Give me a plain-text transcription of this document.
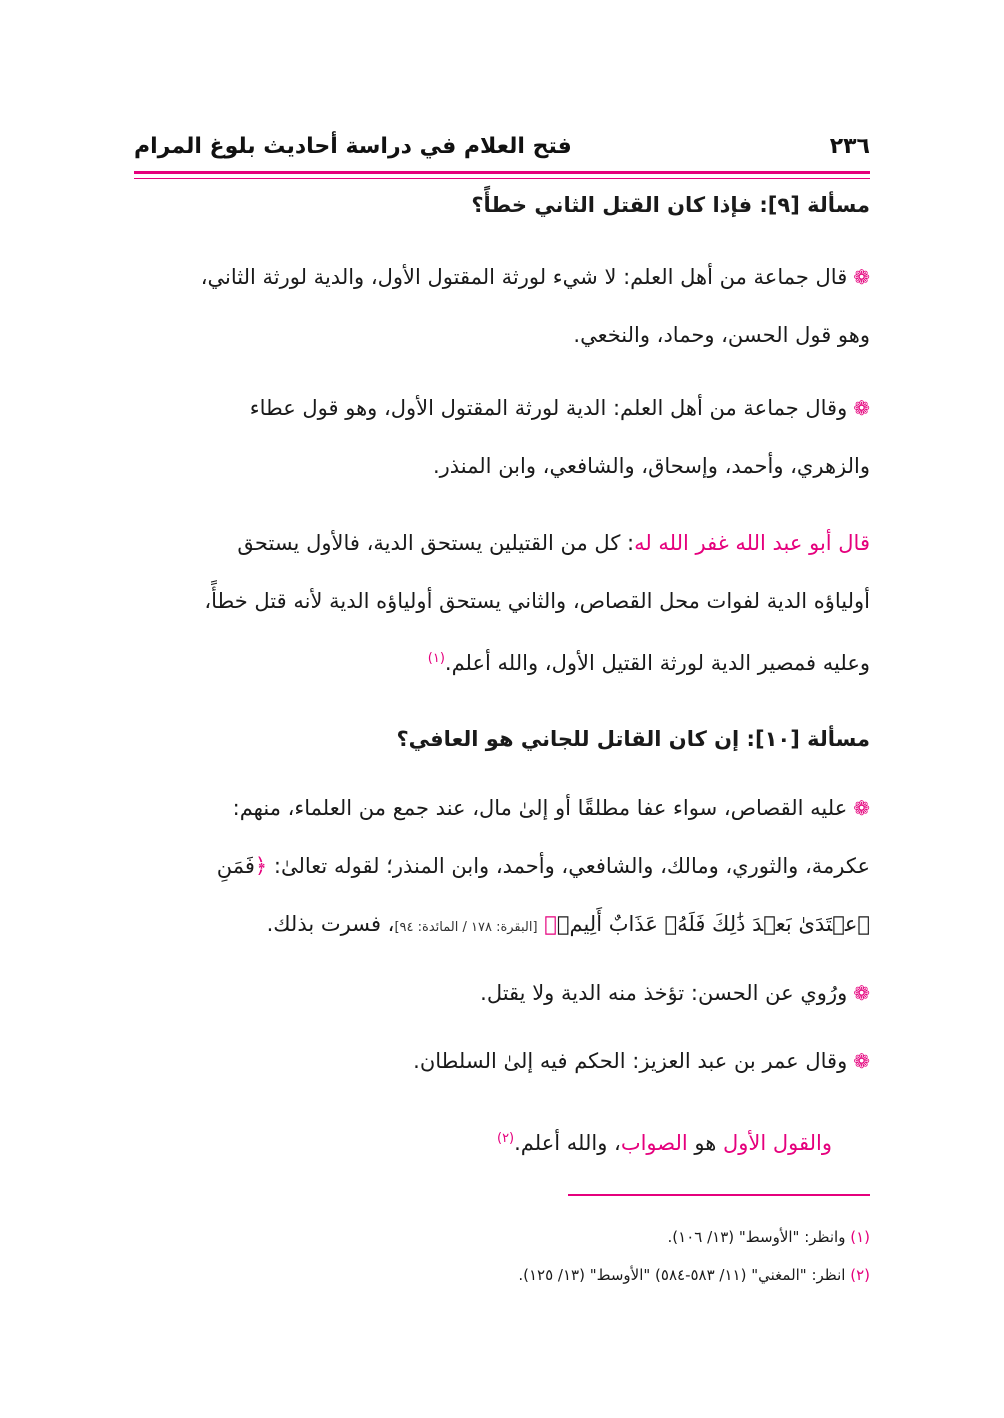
٢٣٦
فتح العلام في دراسة أحاديث بلوغ المرام
مسألة [٩]: فإذا كان القتل الثاني خطأً؟
❁قال جماعة من أهل العلم: لا شيء لورثة المقتول الأول، والدية لورثة الثاني،
وهو قول الحسن، وحماد، والنخعي.
❁وقال جماعة من أهل العلم: الدية لورثة المقتول الأول، وهو قول عطاء
والزهري، وأحمد، وإسحاق، والشافعي، وابن المنذر.
قال أبو عبد الله غفر الله له: كل من القتيلين يستحق الدية، فالأول يستحق
أولياؤه الدية لفوات محل القصاص، والثاني يستحق أولياؤه الدية لأنه قتل خطأً،
وعليه فمصير الدية لورثة القتيل الأول، والله أعلم.$^{(١)}$
مسألة [١٠]: إن كان القاتل للجاني هو العافي؟
❁عليه القصاص، سواء عفا مطلقًا أو إلىٰ مال، عند جمع من العلماء، منهم:
عكرمة، والثوري، ومالك، والشافعي، وأحمد، وابن المنذر؛ لقوله تعالىٰ: ﴿فَمَنِ
ٱعۡتَدَىٰ بَعۡدَ ذَٰلِكَ فَلَهُۥ عَذَابٌ أَلِيمٞ﴾ [البقرة: ١٧٨ / المائدة: ٩٤]، فسرت بذلك.
❁ورُوي عن الحسن: تؤخذ منه الدية ولا يقتل.
❁وقال عمر بن عبد العزيز: الحكم فيه إلىٰ السلطان.
والقول الأول هو الصواب، والله أعلم.$^{(٢)}$
(١) وانظر: "الأوسط" (١٣/ ١٠٦).
(٢) انظر: "المغني" (١١/ ٥٨٣-٥٨٤) "الأوسط" (١٣/ ١٢٥).
